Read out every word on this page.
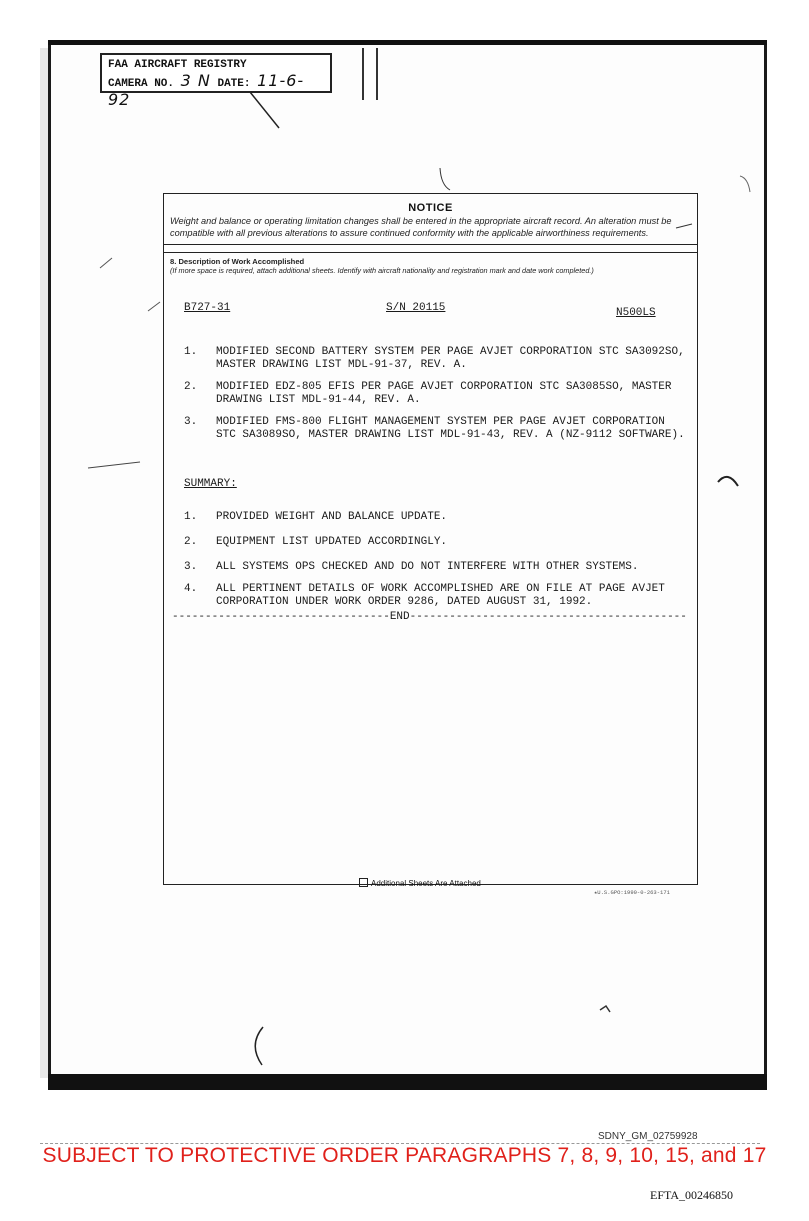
FAA AIRCRAFT REGISTRY
CAMERA NO. 3 N DATE: 11-6-92
NOTICE
Weight and balance or operating limitation changes shall be entered in the appropriate aircraft record. An alteration must be compatible with all previous alterations to assure continued conformity with the applicable airworthiness requirements.
8. Description of Work Accomplished
(If more space is required, attach additional sheets. Identify with aircraft nationality and registration mark and date work completed.)
B727-31	S/N 20115	N500LS
1. MODIFIED SECOND BATTERY SYSTEM PER PAGE AVJET CORPORATION STC SA3092SO, MASTER DRAWING LIST MDL-91-37, REV. A.
2. MODIFIED EDZ-805 EFIS PER PAGE AVJET CORPORATION STC SA3085SO, MASTER DRAWING LIST MDL-91-44, REV. A.
3. MODIFIED FMS-800 FLIGHT MANAGEMENT SYSTEM PER PAGE AVJET CORPORATION STC SA3089SO, MASTER DRAWING LIST MDL-91-43, REV. A (NZ-9112 SOFTWARE).
SUMMARY:
1. PROVIDED WEIGHT AND BALANCE UPDATE.
2. EQUIPMENT LIST UPDATED ACCORDINGLY.
3. ALL SYSTEMS OPS CHECKED AND DO NOT INTERFERE WITH OTHER SYSTEMS.
4. ALL PERTINENT DETAILS OF WORK ACCOMPLISHED ARE ON FILE AT PAGE AVJET CORPORATION UNDER WORK ORDER 9286, DATED AUGUST 31, 1992.
---------------------------------END------------------------------------------
Additional Sheets Are Attached
★U.S.GPO:1990-0-263-171
SDNY_GM_02759928
SUBJECT TO PROTECTIVE ORDER PARAGRAPHS 7, 8, 9, 10, 15, and 17
EFTA_00246850
